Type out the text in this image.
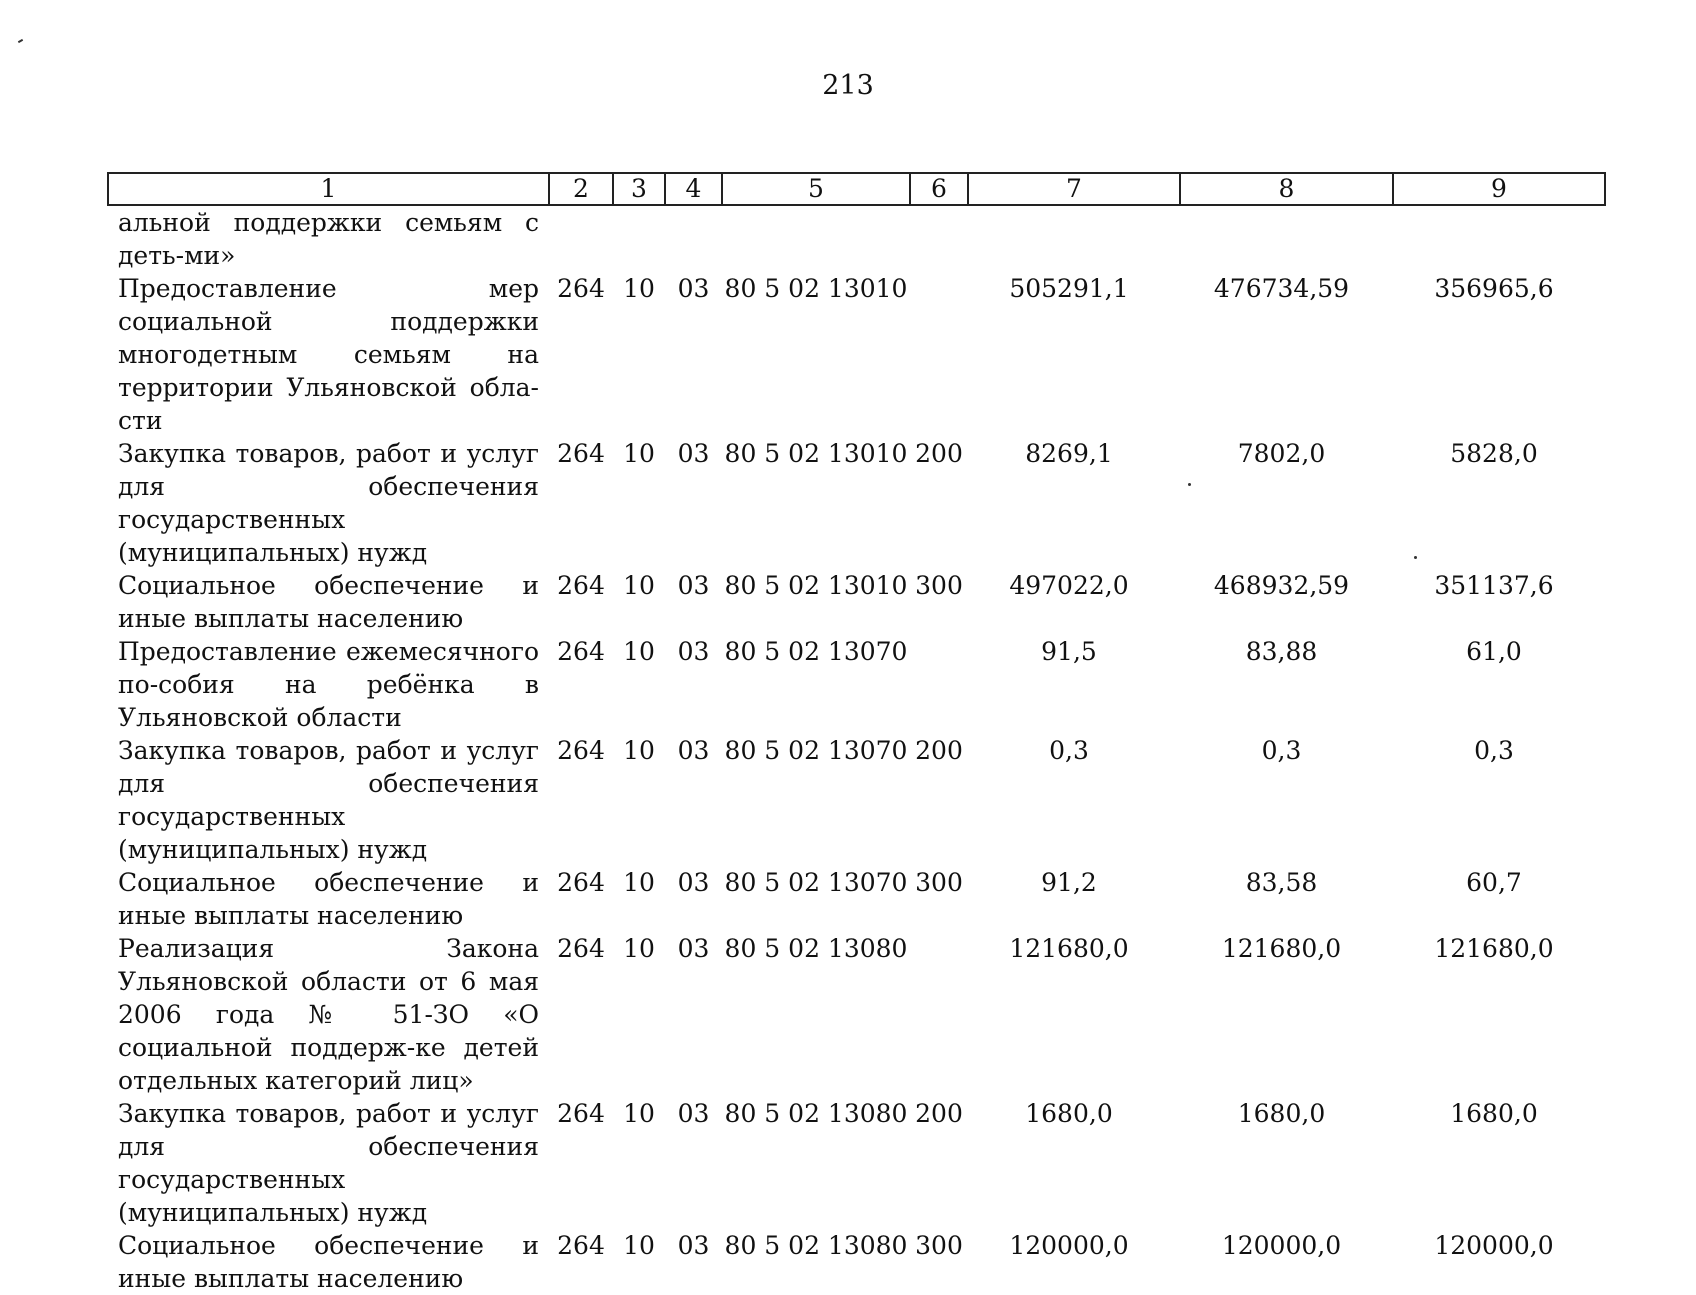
213
1	2	3	4	5	6	7	8	9
альной поддержки семьям с деть-ми»								
Предоставление мер социальной поддержки многодетным семьям на территории Ульяновской обла-сти	264	10	03	80 5 02 13010		505291,1	476734,59	356965,6
Закупка товаров, работ и услуг для обеспечения государственных (муниципальных) нужд	264	10	03	80 5 02 13010	200	8269,1	7802,0	5828,0
Социальное обеспечение и иные выплаты населению	264	10	03	80 5 02 13010	300	497022,0	468932,59	351137,6
Предоставление ежемесячного по-собия на ребёнка в Ульяновской области	264	10	03	80 5 02 13070		91,5	83,88	61,0
Закупка товаров, работ и услуг для обеспечения государственных (муниципальных) нужд	264	10	03	80 5 02 13070	200	0,3	0,3	0,3
Социальное обеспечение и иные выплаты населению	264	10	03	80 5 02 13070	300	91,2	83,58	60,7
Реализация Закона Ульяновской области от 6 мая 2006 года № 51-ЗО «О социальной поддерж-ке детей отдельных категорий лиц»	264	10	03	80 5 02 13080		121680,0	121680,0	121680,0
Закупка товаров, работ и услуг для обеспечения государственных (муниципальных) нужд	264	10	03	80 5 02 13080	200	1680,0	1680,0	1680,0
Социальное обеспечение и иные выплаты населению	264	10	03	80 5 02 13080	300	120000,0	120000,0	120000,0
